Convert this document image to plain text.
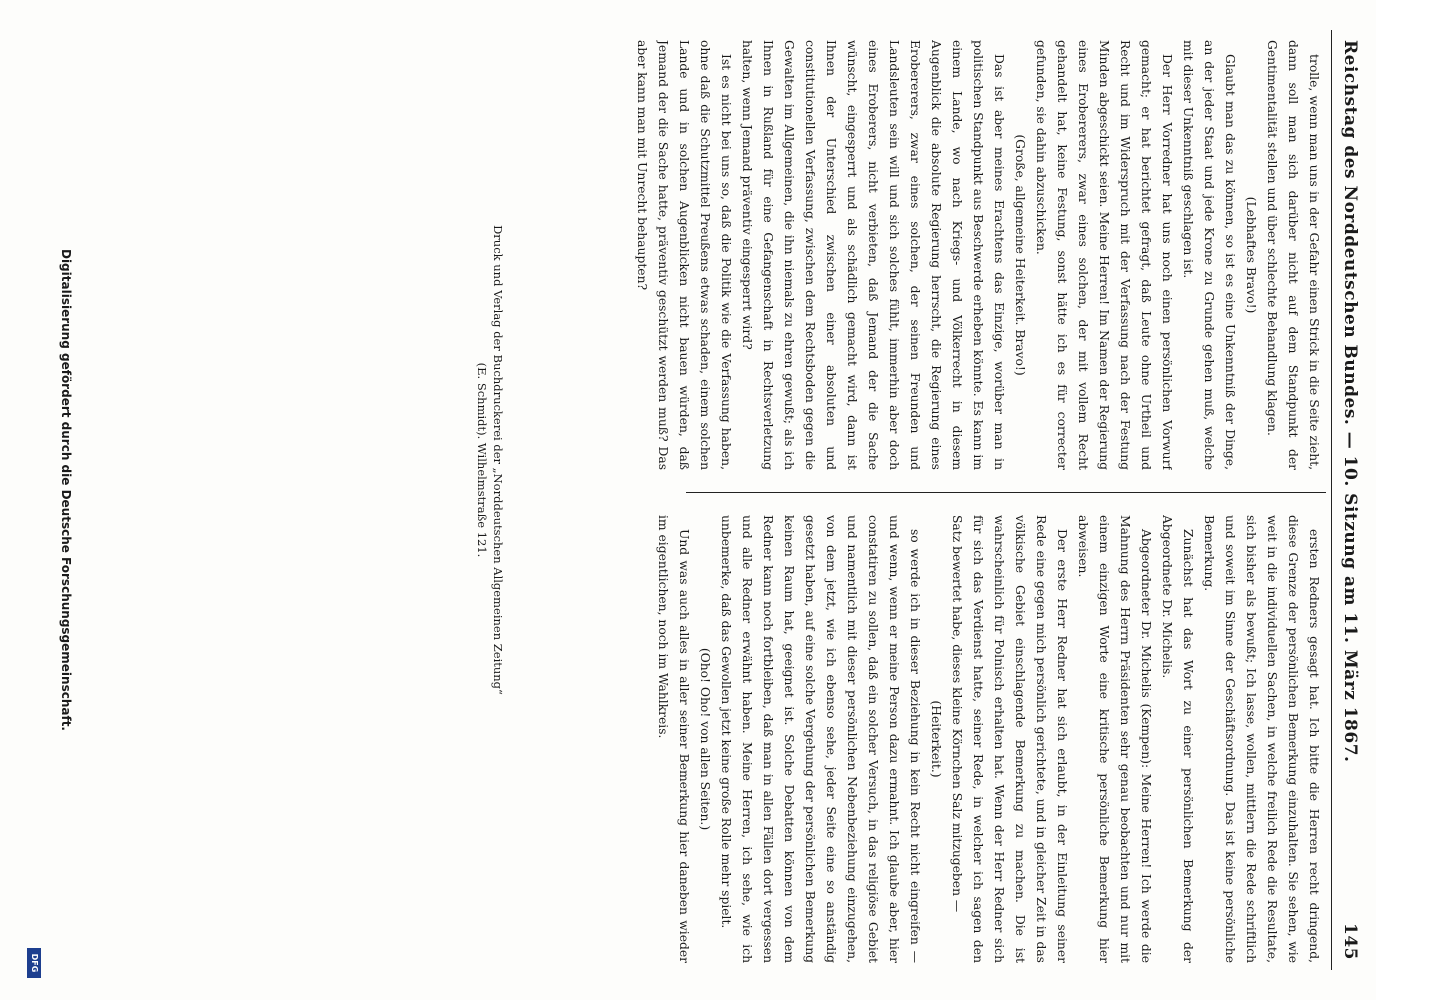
Reichstag des Norddeutschen Bundes. — 10. Sitzung am 11. März 1867.
145

trolle, wenn man uns in der Gefahr einen Strick in die Seite zieht, dann soll man sich darüber nicht auf dem Standpunkt der Gentimentalität stellen und über schlechte Behandlung klagen.

(Lebhaftes Bravo!)

Glaubt man das zu können, so ist es eine Unkenntniß der Dinge, an der jeder Staat und jede Krone zu Grunde gehen muß, welche mit dieser Unkenntniß geschlagen ist.

Der Herr Vorredner hat uns noch einen persönlichen Vorwurf gemacht; er hat berichtet gefragt, daß Leute ohne Urtheil und Recht und im Widerspruch mit der Verfassung nach der Festung Minden abgeschickt seien. Meine Herren! Im Namen der Regierung eines Erobererers, zwar eines solchen, der mit vollem Recht gehandelt hat, keine Festung, sonst hätte ich es für correcter gefunden, sie dahin abzuschicken.

(Große, allgemeine Heiterkeit. Bravo!)

Das ist aber meines Erachtens das Einzige, worüber man in politischen Standpunkt aus Beschwerde erheben könnte. Es kann im einem Lande, wo nach Kriegs- und Völkerrecht in diesem Augenblick die absolute Regierung herrscht, die Regierung eines Erobererers, zwar eines solchen, der seinen Freunden und Landsleuten sein will und sich solches fühlt, immerhin aber doch eines Eroberers, nicht verbieten, daß Jemand der die Sache wünscht, eingesperrt und als schädlich gemacht wird, dann ist Ihnen der Unterschied zwischen einer absoluten und constitutionellen Verfassung, zwischen dem Rechtsboden gegen die Gewalten im Allgemeinen, die ihn niemals zu ehren gewußt; als ich Ihnen in Rußland für eine Gefangenschaft in Rechtsverletzung halten, wenn Jemand präventiv eingesperrt wird?

Ist es nicht bei uns so, daß die Politik wie die Verfassung haben, ohne daß die Schutzmittel Preußens etwas schaden, einem solchen Lande und in solchen Augenblicken nicht bauen würden, daß Jemand der die Sache hatte, präventiv geschützt werden muß? Das aber kann man mit Unrecht behaupten?

ersten Redners gesagt hat. Ich bitte die Herren recht dringend, diese Grenze der persönlichen Bemerkung einzuhalten. Sie sehen, wie weit in die individuellen Sachen, in welche freilich Rede die Resultate, sich bisher als bewußt; Ich lasse, wollen, mittlern die Rede schriftlich und soweit im Sinne der Geschäftsordnung. Das ist keine persönliche Bemerkung.

Zunächst hat das Wort zu einer persönlichen Bemerkung der Abgeordnete Dr. Michelis.

Abgeordneter Dr. Michelis (Kempen): Meine Herren! Ich werde die Mahnung des Herrn Präsidenten sehr genau beobachten und nur mit einem einzigen Worte eine kritische persönliche Bemerkung hier abweisen.

Der erste Herr Redner hat sich erlaubt, in der Einleitung seiner Rede eine gegen mich persönlich gerichtete, und in gleicher Zeit in das völkische Gebiet einschlagende Bemerkung zu machen. Die ist wahrscheinlich für Polnisch erhalten hat. Wenn der Herr Redner sich für sich das Verdienst hatte, seiner Rede, in welcher ich sagen den Satz bewertet habe, dieses kleine Körnchen Salz mitzugeben —

(Heiterkeit.)

so werde ich in dieser Beziehung in kein Recht nicht eingreifen — und wenn, wenn er meine Person dazu ermahnt. Ich glaube aber, hier constatiren zu sollen, daß ein solcher Versuch, in das religiöse Gebiet und namentlich mit dieser persönlichen Nebenbeziehung einzugehen, von dem jetzt, wie ich ebenso sehe, jeder Seite eine so anständig gesetzt haben, auf eine solche Vergehung der persönlichen Bemerkung keinen Raum hat, geeignet ist. Solche Debatten können von dem Redner kann noch fortbleiben, daß man in allen Fällen dort vergessen und alle Redner erwähnt haben. Meine Herren, ich sehe, wie ich unbemerke, daß das Gewollen jetzt keine große Rolle mehr spielt.

(Oho! Oho! von allen Seiten.)

Und was auch alles in aller seiner Bemerkung hier daneben wieder im eigentlichen, noch im Wahlkreis.

Druck und Verlag der Buchdruckerei der „Norddeutschen Allgemeinen Zeitung“
(E. Schmidt). Wilhelmstraße 121.
Digitalisierung gefördert durch die Deutsche Forschungsgemeinschaft.
DFG
